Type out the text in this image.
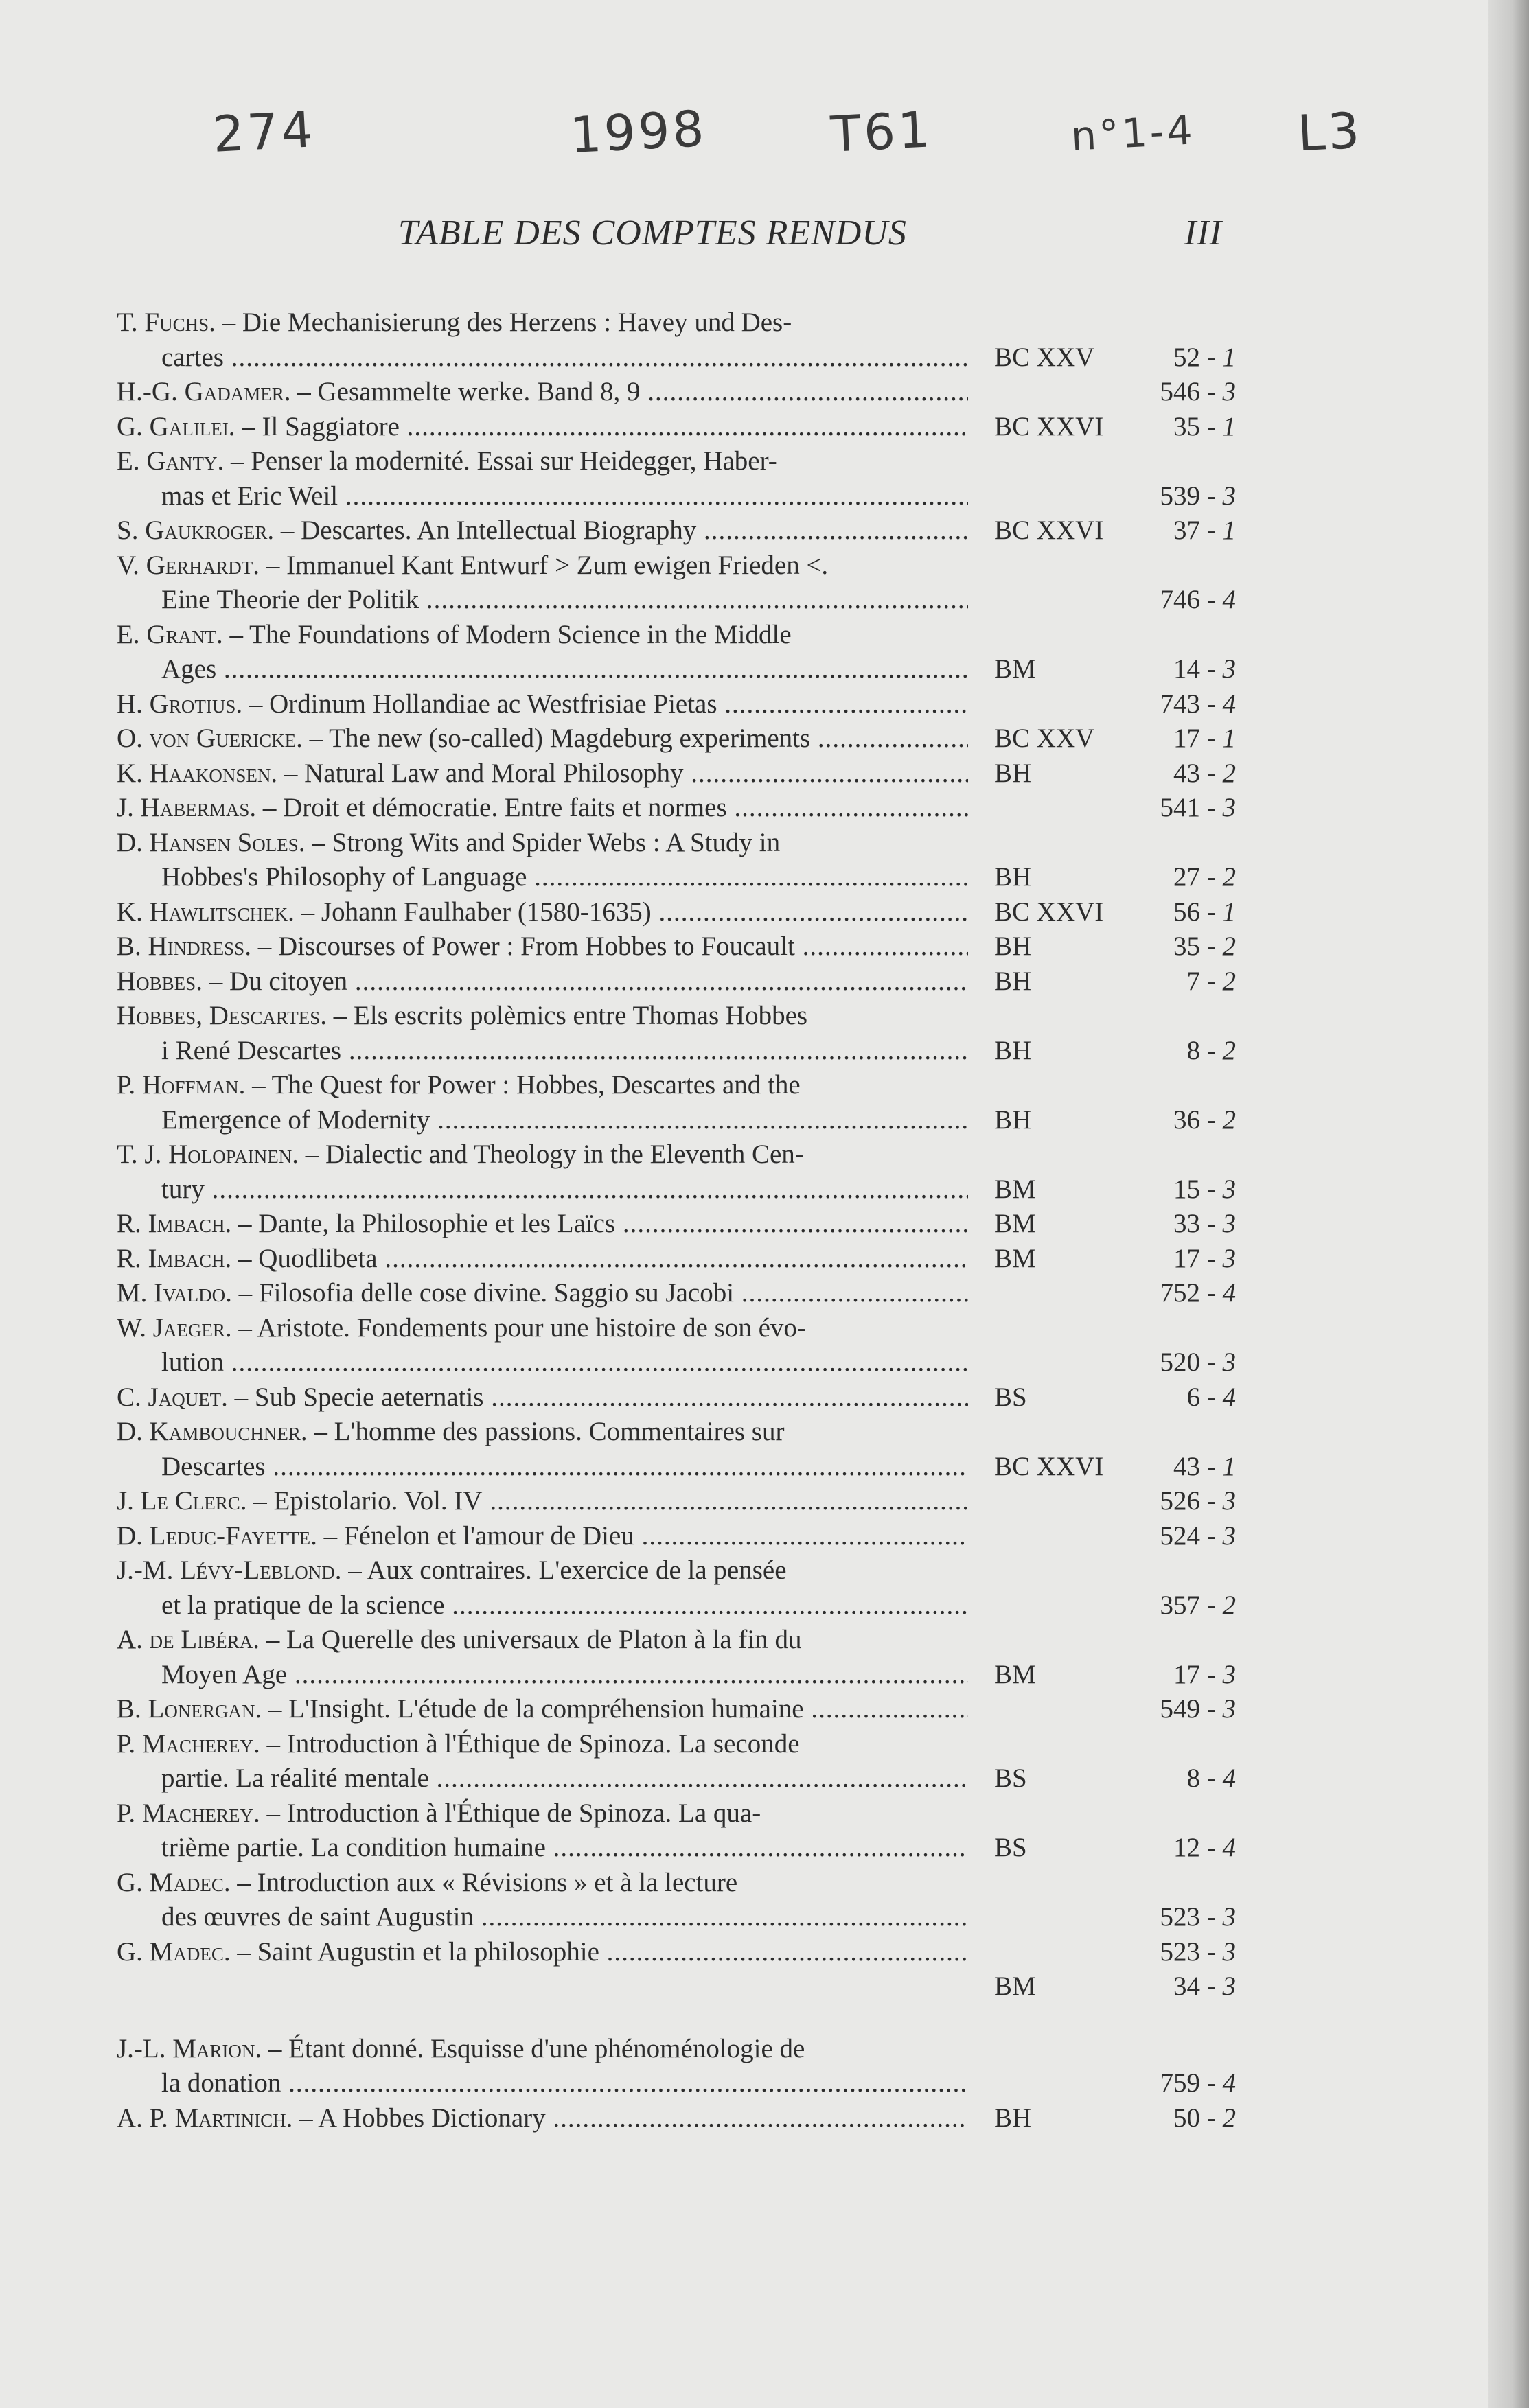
274	1998 T61	n°1-4 L3
TABLE DES COMPTES RENDUS	III
T. Fuchs. – Die Mechanisierung des Herzens : Havey und Des-
cartes .....	BC XXV	52 - 1
H.-G. Gadamer. – Gesammelte werke. Band 8, 9 .....	546 - 3
G. Galilei. – Il Saggiatore .....	BC XXVI	35 - 1
E. Ganty. – Penser la modernité. Essai sur Heidegger, Haber-
mas et Eric Weil .....	539 - 3
S. Gaukroger. – Descartes. An Intellectual Biography .....	BC XXVI	37 - 1
V. Gerhardt. – Immanuel Kant Entwurf > Zum ewigen Frieden <.
Eine Theorie der Politik .....	746 - 4
E. Grant. – The Foundations of Modern Science in the Middle
Ages .....	BM	14 - 3
H. Grotius. – Ordinum Hollandiae ac Westfrisiae Pietas .....	743 - 4
O. von Guericke. – The new (so-called) Magdeburg experiments .....	BC XXV	17 - 1
K. Haakonsen. – Natural Law and Moral Philosophy .....	BH	43 - 2
J. Habermas. – Droit et démocratie. Entre faits et normes .....	541 - 3
D. Hansen Soles. – Strong Wits and Spider Webs : A Study in
Hobbes's Philosophy of Language .....	BH	27 - 2
K. Hawlitschek. – Johann Faulhaber (1580-1635) .....	BC XXVI	56 - 1
B. Hindress. – Discourses of Power : From Hobbes to Foucault .....	BH	35 - 2
Hobbes. – Du citoyen .....	BH	7 - 2
Hobbes, Descartes. – Els escrits polèmics entre Thomas Hobbes
i René Descartes .....	BH	8 - 2
P. Hoffman. – The Quest for Power : Hobbes, Descartes and the
Emergence of Modernity .....	BH	36 - 2
T. J. Holopainen. – Dialectic and Theology in the Eleventh Cen-
tury .....	BM	15 - 3
R. Imbach. – Dante, la Philosophie et les Laïcs .....	BM	33 - 3
R. Imbach. – Quodlibeta .....	BM	17 - 3
M. Ivaldo. – Filosofia delle cose divine. Saggio su Jacobi .....	752 - 4
W. Jaeger. – Aristote. Fondements pour une histoire de son évo-
lution .....	520 - 3
C. Jaquet. – Sub Specie aeternatis .....	BS	6 - 4
D. Kambouchner. – L'homme des passions. Commentaires sur
Descartes .....	BC XXVI	43 - 1
J. Le Clerc. – Epistolario. Vol. IV .....	526 - 3
D. Leduc-Fayette. – Fénelon et l'amour de Dieu .....	524 - 3
J.-M. Lévy-Leblond. – Aux contraires. L'exercice de la pensée
et la pratique de la science .....	357 - 2
A. de Libéra. – La Querelle des universaux de Platon à la fin du
Moyen Age .....	BM	17 - 3
B. Lonergan. – L'Insight. L'étude de la compréhension humaine .....	549 - 3
P. Macherey. – Introduction à l'Éthique de Spinoza. La seconde
partie. La réalité mentale .....	BS	8 - 4
P. Macherey. – Introduction à l'Éthique de Spinoza. La qua-
trième partie. La condition humaine .....	BS	12 - 4
G. Madec. – Introduction aux « Révisions » et à la lecture
des œuvres de saint Augustin .....	523 - 3
G. Madec. – Saint Augustin et la philosophie .....	523 - 3
BM	34 - 3
J.-L. Marion. – Étant donné. Esquisse d'une phénoménologie de
la donation .....	759 - 4
A. P. Martinich. – A Hobbes Dictionary .....	BH	50 - 2
